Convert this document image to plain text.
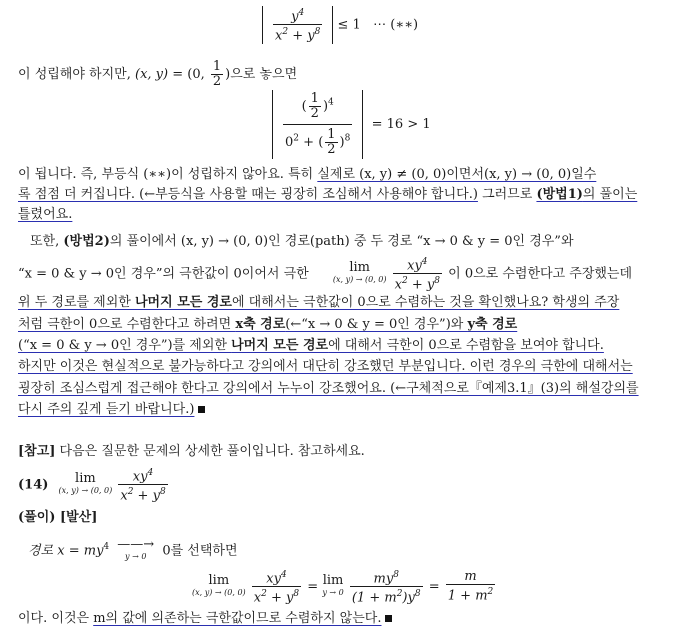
$\frac{y^4}{x^2 + y^8} \le 1$ ⋯ (∗∗)
이 성립해야 하지만, (x, y) = (0, $\frac{1}{2}$ )으로 놓으면
$\frac{( \frac{1}{2} )^4}{0^2 + ( \frac{1}{2} )^8} = 16 > 1$
이 됩니다. 즉, 부등식 (∗∗)이 성립하지 않아요. 특히 실제로 (x, y) ≠ (0, 0)이면서(x, y) → (0, 0)일수
록 점점 더 커집니다. (←부등식을 사용할 때는 굉장히 조심해서 사용해야 합니다.) 그러므로 (방법1)의 풀이는
틀렸어요.
또한, (방법2)의 풀이에서 (x, y) → (0, 0)인 경로(path) 중 두 경로 “x → 0 & y = 0인 경우”와
“x = 0 & y → 0인 경우”의 극한값이 0이어서 극한	lim
(x, y) → (0, 0)
$\frac{xy^4}{x^2 + y^8}$ 이 0으로 수렴한다고 주장했는데
위 두 경로를 제외한 나머지 모든 경로에 대해서는 극한값이 0으로 수렴하는 것을 확인했나요? 학생의 주장
처럼 극한이 0으로 수렴한다고 하려면 x축 경로(←“x → 0 & y = 0인 경우”)와 y축 경로
(“x = 0 & y → 0인 경우”)를 제외한 나머지 모든 경로에 대해서 극한이 0으로 수렴함을 보여야 합니다.
하지만 이것은 현실적으로 불가능하다고 강의에서 대단히 강조했던 부분입니다. 이런 경우의 극한에 대해서는
굉장히 조심스럽게 접근해야 한다고 강의에서 누누이 강조했어요. (←구체적으로『예제3.1』(3)의 해설강의를
다시 주의 깊게 듣기 바랍니다.)
[참고] 다음은 질문한 문제의 상세한 풀이입니다. 참고하세요.
(14) lim
(x, y) → (0, 0)
$\frac{xy^4}{x^2 + y^8}$
(풀이) [발산]
경로 $x = my^4$ ——→
y → 0	0를 선택하면
lim
(x, y) → (0, 0)
$\frac{xy^4}{x^2 + y^8} = \lim$
y → 0
$\frac{my^8}{(1 + m^2)y^8} = \frac{m}{1 + m^2}$
이다. 이것은 m의 값에 의존하는 극한값이므로 수렴하지 않는다.
